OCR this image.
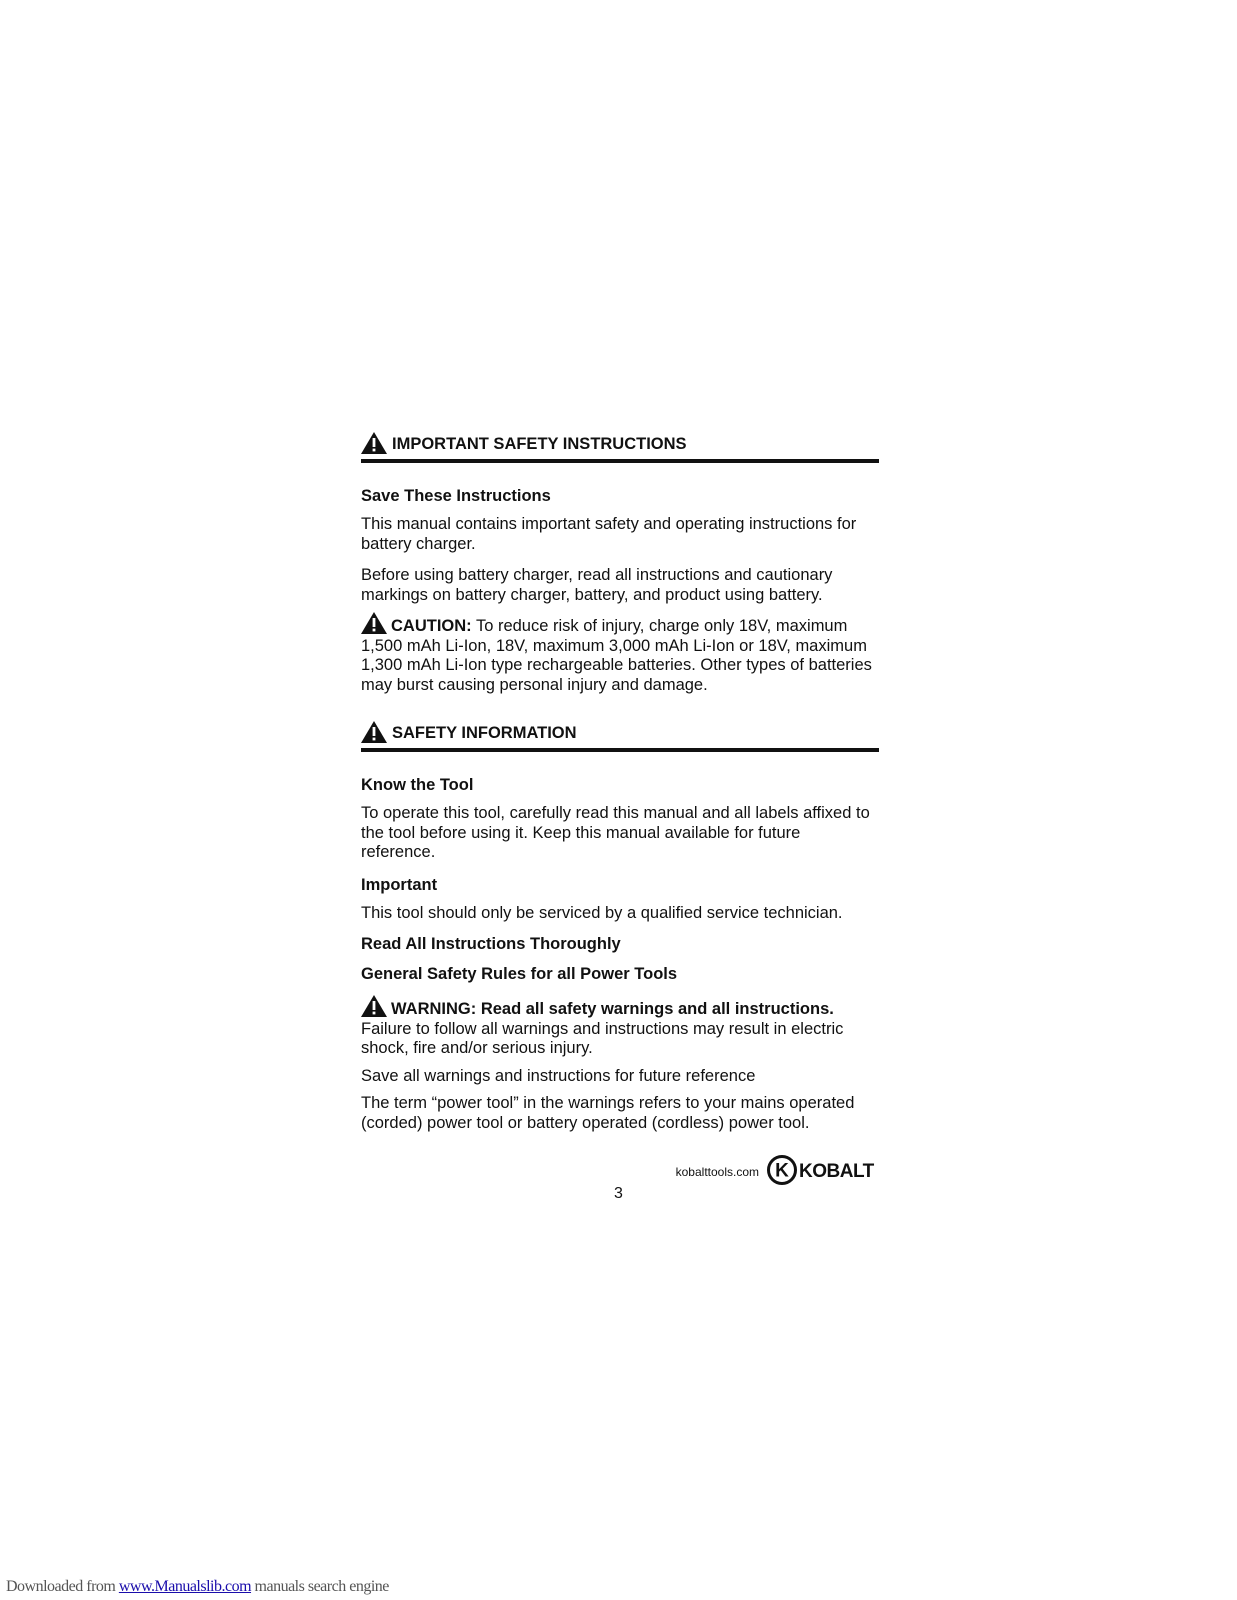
IMPORTANT SAFETY INSTRUCTIONS

Save These Instructions

This manual contains important safety and operating instructions for battery charger.

Before using battery charger, read all instructions and cautionary markings on battery charger, battery, and product using battery.

CAUTION: To reduce risk of injury, charge only 18V, maximum 1,500 mAh Li-Ion, 18V, maximum 3,000 mAh Li-Ion or 18V, maximum 1,300 mAh Li-Ion type rechargeable batteries. Other types of batteries may burst causing personal injury and damage.

SAFETY INFORMATION

Know the Tool

To operate this tool, carefully read this manual and all labels affixed to the tool before using it. Keep this manual available for future reference.

Important

This tool should only be serviced by a qualified service technician.

Read All Instructions Thoroughly

General Safety Rules for all Power Tools

WARNING: Read all safety warnings and all instructions.
Failure to follow all warnings and instructions may result in electric shock, fire and/or serious injury.

Save all warnings and instructions for future reference

The term “power tool” in the warnings refers to your mains operated (corded) power tool or battery operated (cordless) power tool.

kobalttools.com K KOBALT
3
Downloaded from www.Manualslib.com manuals search engine
